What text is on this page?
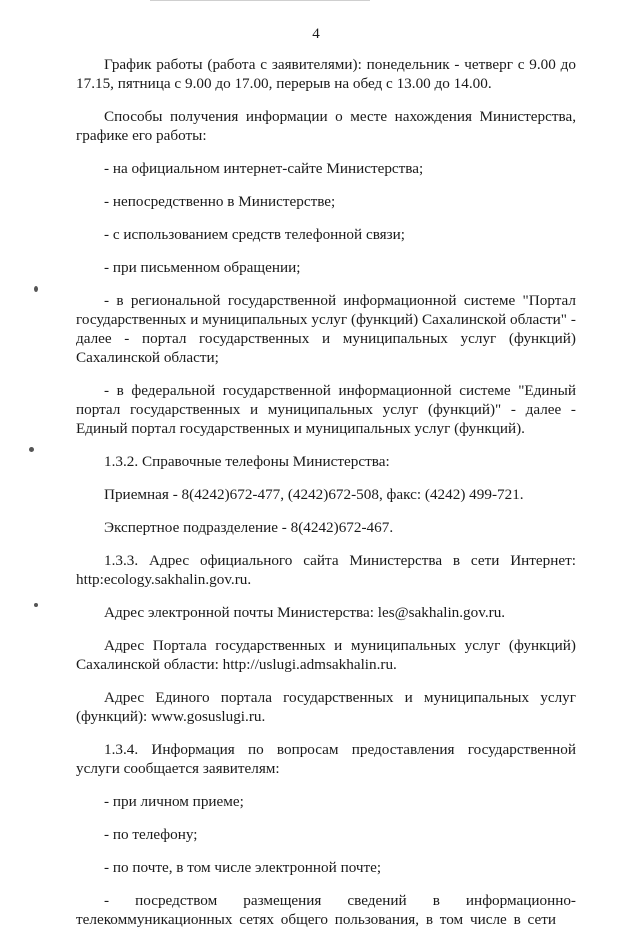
4

График работы (работа с заявителями): понедельник - четверг с 9.00 до 17.15, пятница с 9.00 до 17.00, перерыв на обед с 13.00 до 14.00.

Способы получения информации о месте нахождения Министерства, графике его работы:

- на официальном интернет-сайте Министерства;

- непосредственно в Министерстве;

- с использованием средств телефонной связи;

- при письменном обращении;

- в региональной государственной информационной системе "Портал государственных и муниципальных услуг (функций) Сахалинской области" - далее - портал государственных и муниципальных услуг (функций) Сахалинской области;

- в федеральной государственной информационной системе "Единый портал государственных и муниципальных услуг (функций)" - далее - Единый портал государственных и муниципальных услуг (функций).

1.3.2. Справочные телефоны Министерства:

Приемная - 8(4242)672-477, (4242)672-508, факс: (4242) 499-721.

Экспертное подразделение - 8(4242)672-467.

1.3.3. Адрес официального сайта Министерства в сети Интернет: http:ecology.sakhalin.gov.ru.

Адрес электронной почты Министерства: les@sakhalin.gov.ru.

Адрес Портала государственных и муниципальных услуг (функций) Сахалинской области: http://uslugi.admsakhalin.ru.

Адрес Единого портала государственных и муниципальных услуг (функций): www.gosuslugi.ru.

1.3.4. Информация по вопросам предоставления государственной услуги сообщается заявителям:

- при личном приеме;

- по телефону;

- по почте, в том числе электронной почте;

- посредством размещения сведений в информационно-телекоммуникационных сетях общего пользования, в том числе в сети
